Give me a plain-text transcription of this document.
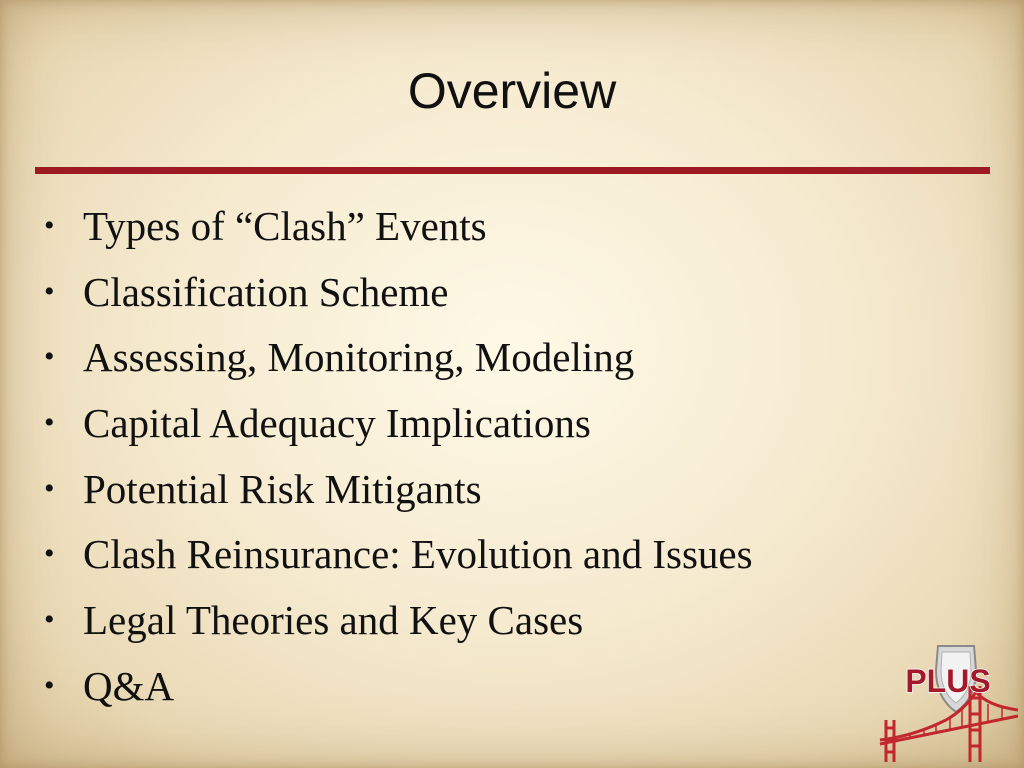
Overview
• Types of “Clash” Events
• Classification Scheme
• Assessing, Monitoring, Modeling
• Capital Adequacy Implications
• Potential Risk Mitigants
• Clash Reinsurance: Evolution and Issues
• Legal Theories and Key Cases
• Q&A	PLUS
